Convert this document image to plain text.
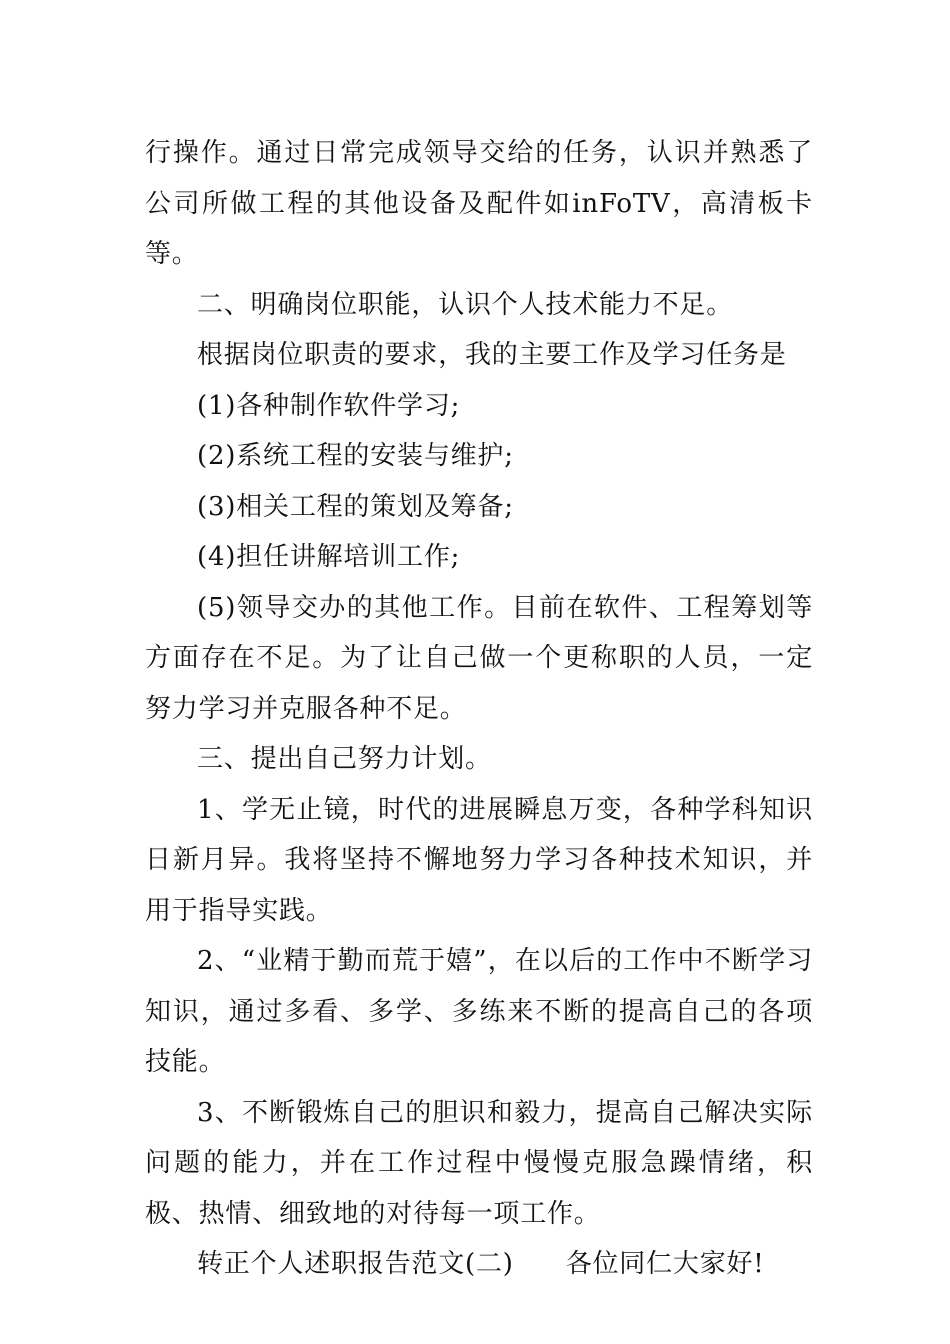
行操作。通过日常完成领导交给的任务，认识并熟悉了公司所做工程的其他设备及配件如inFoTV，高清板卡等。

二、明确岗位职能，认识个人技术能力不足。

根据岗位职责的要求，我的主要工作及学习任务是

(1)各种制作软件学习;

(2)系统工程的安装与维护;

(3)相关工程的策划及筹备;

(4)担任讲解培训工作;

(5)领导交办的其他工作。目前在软件、工程筹划等方面存在不足。为了让自己做一个更称职的人员，一定努力学习并克服各种不足。

三、提出自己努力计划。

1、学无止镜，时代的进展瞬息万变，各种学科知识日新月异。我将坚持不懈地努力学习各种技术知识，并用于指导实践。

2、“业精于勤而荒于嬉”，在以后的工作中不断学习知识，通过多看、多学、多练来不断的提高自己的各项技能。

3、不断锻炼自己的胆识和毅力，提高自己解决实际问题的能力，并在工作过程中慢慢克服急躁情绪，积极、热情、细致地的对待每一项工作。

转正个人述职报告范文(二) 各位同仁大家好!
